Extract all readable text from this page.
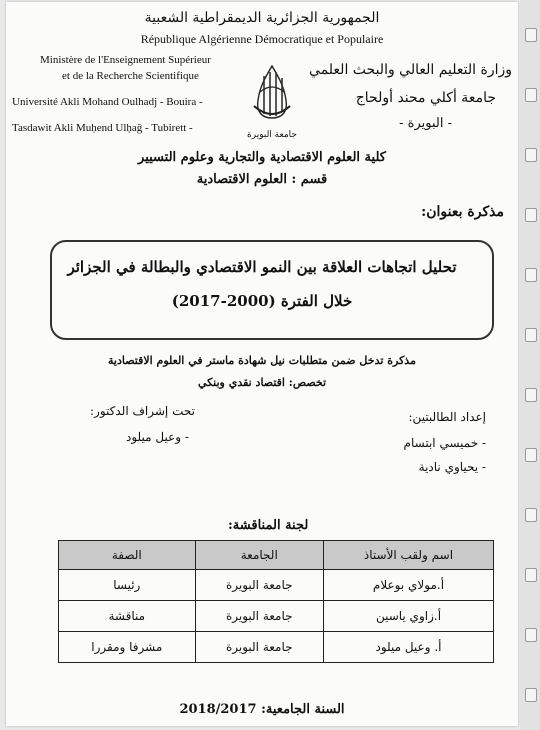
الجمهورية الجزائرية الديمقراطية الشعبية
République Algérienne Démocratique et Populaire
Ministère de l'Enseignement Supérieur
et de la Recherche Scientifique
Université Akli Mohand Oulhadj - Bouira -
Tasdawit Akli Muḥend Ulḥağ - Tubirett -
وزارة التعليم العالي والبحث العلمي
جامعة أكلي محند أولحاج
- البويرة -
جامعة البويرة
كلية العلوم الاقتصادية والتجارية وعلوم التسيير
قسم : العلوم الاقتصادية
مذكرة بعنوان:
تحليل اتجاهات العلاقة بين النمو الاقتصادي والبطالة في الجزائر
خلال الفترة (2000-2017)
مذكرة تدخل ضمن متطلبات نيل شهادة ماستر في العلوم الاقتصادية
تخصص: اقتصاد نقدي وبنكي
إعداد الطالبتين:
- خميسي ابتسام
- يحياوي نادية
تحت إشراف الدكتور:
- وعيل ميلود
لجنة المناقشة:
اسم ولقب الأستاذ	الجامعة	الصفة
أ.مولاي بوعلام	جامعة البويرة	رئيسا
أ.زاوي ياسين	جامعة البويرة	مناقشة
أ. وعيل ميلود	جامعة البويرة	مشرفا ومقررا
السنة الجامعية: 2018/2017
